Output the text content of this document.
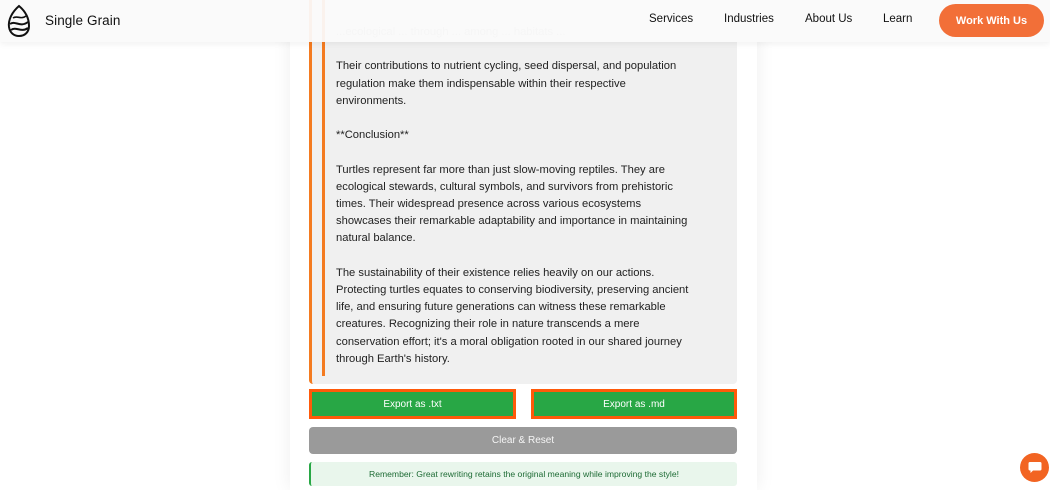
Their contributions to nutrient cycling, seed dispersal, and population regulation make them indispensable within their respective environments.

**Conclusion**

Turtles represent far more than just slow-moving reptiles. They are ecological stewards, cultural symbols, and survivors from prehistoric times. Their widespread presence across various ecosystems showcases their remarkable adaptability and importance in maintaining natural balance.

The sustainability of their existence relies heavily on our actions. Protecting turtles equates to conserving biodiversity, preserving ancient life, and ensuring future generations can witness these remarkable creatures. Recognizing their role in nature transcends a mere conservation effort; it's a moral obligation rooted in our shared journey through Earth's history.

Export as .txt	Export as .md
Clear & Reset
Remember: Great rewriting retains the original meaning while improving the style!
Single Grain	Services	Industries	About Us	Learn	Work With Us
